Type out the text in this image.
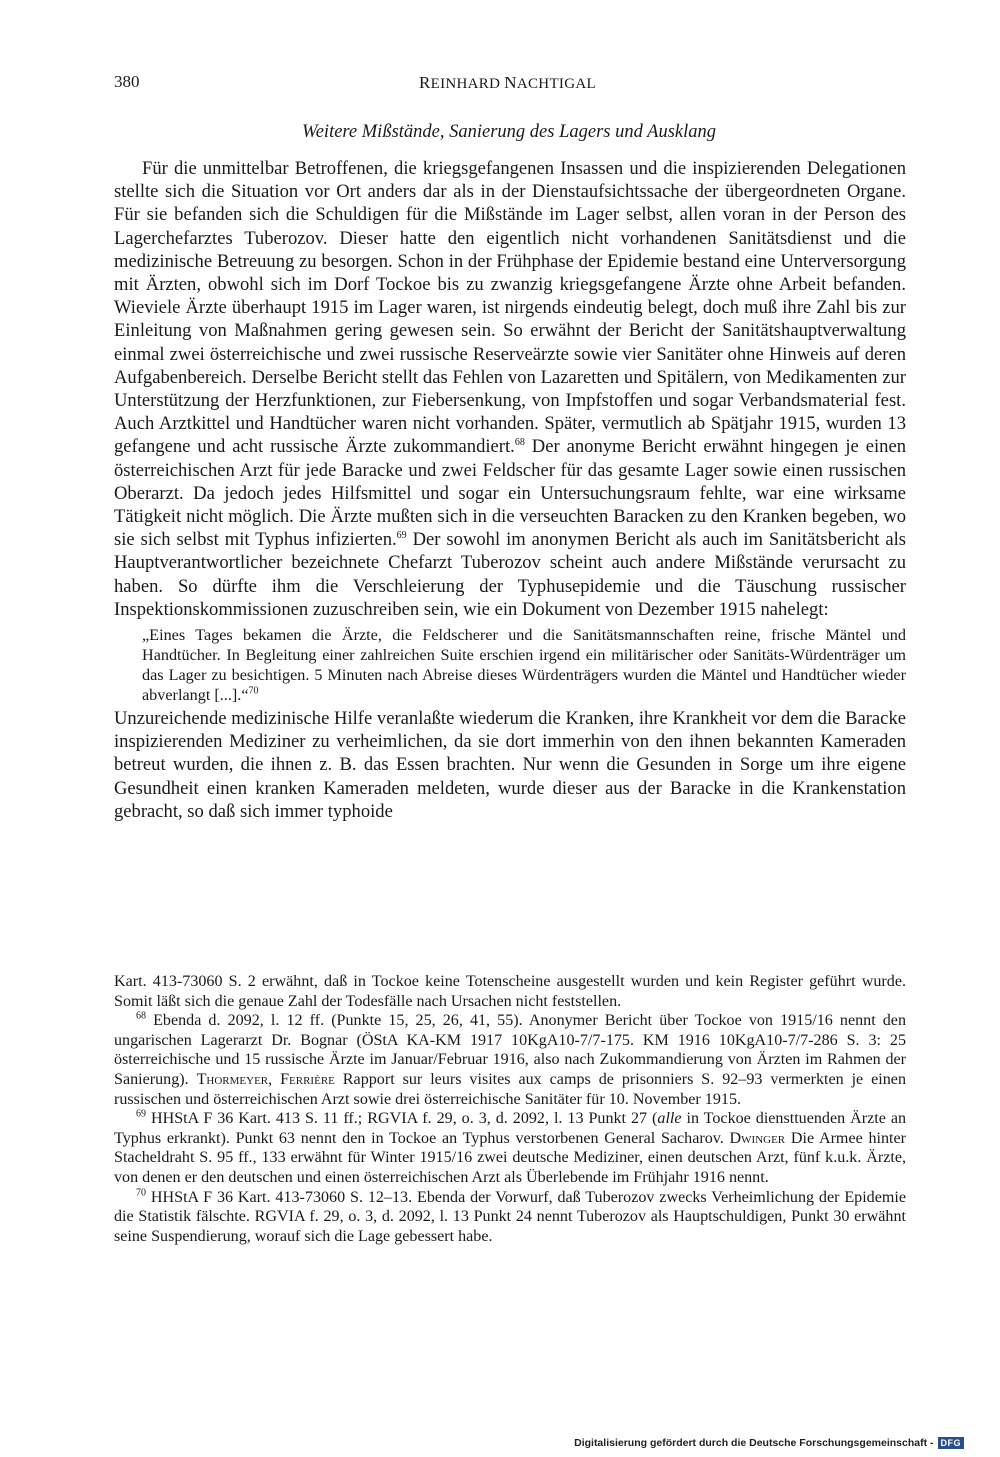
380	REINHARD NACHTIGAL
Weitere Mißstände, Sanierung des Lagers und Ausklang

Für die unmittelbar Betroffenen, die kriegsgefangenen Insassen und die inspizierenden Delegationen stellte sich die Situation vor Ort anders dar als in der Dienstaufsichtssache der übergeordneten Organe. Für sie befanden sich die Schuldigen für die Mißstände im Lager selbst, allen voran in der Person des Lagerchefarztes Tuberozov. Dieser hatte den eigentlich nicht vorhandenen Sanitätsdienst und die medizinische Betreuung zu besorgen. Schon in der Frühphase der Epidemie bestand eine Unterversorgung mit Ärzten, obwohl sich im Dorf Tockoe bis zu zwanzig kriegsgefangene Ärzte ohne Arbeit befanden. Wieviele Ärzte überhaupt 1915 im Lager waren, ist nirgends eindeutig belegt, doch muß ihre Zahl bis zur Einleitung von Maßnahmen gering gewesen sein. So erwähnt der Bericht der Sanitätshauptverwaltung einmal zwei österreichische und zwei russische Reserveärzte sowie vier Sanitäter ohne Hinweis auf deren Aufgabenbereich. Derselbe Bericht stellt das Fehlen von Lazaretten und Spitälern, von Medikamenten zur Unterstützung der Herzfunktionen, zur Fiebersenkung, von Impfstoffen und sogar Verbandsmaterial fest. Auch Arztkittel und Handtücher waren nicht vorhanden. Später, vermutlich ab Spätjahr 1915, wurden 13 gefangene und acht russische Ärzte zukommandiert.$^{68}$ Der anonyme Bericht erwähnt hingegen je einen österreichischen Arzt für jede Baracke und zwei Feldscher für das gesamte Lager sowie einen russischen Oberarzt. Da jedoch jedes Hilfsmittel und sogar ein Untersuchungsraum fehlte, war eine wirksame Tätigkeit nicht möglich. Die Ärzte mußten sich in die verseuchten Baracken zu den Kranken begeben, wo sie sich selbst mit Typhus infizierten.$^{69}$ Der sowohl im anonymen Bericht als auch im Sanitätsbericht als Hauptverantwortlicher bezeichnete Chefarzt Tuberozov scheint auch andere Mißstände verursacht zu haben. So dürfte ihm die Verschleierung der Typhusepidemie und die Täuschung russischer Inspektionskommissionen zuzuschreiben sein, wie ein Dokument von Dezember 1915 nahelegt:

„Eines Tages bekamen die Ärzte, die Feldscherer und die Sanitätsmannschaften reine, frische Mäntel und Handtücher. In Begleitung einer zahlreichen Suite erschien irgend ein militärischer oder Sanitäts-Würdenträger um das Lager zu besichtigen. 5 Minuten nach Abreise dieses Würdenträgers wurden die Mäntel und Handtücher wieder abverlangt [...].“$^{70}$

Unzureichende medizinische Hilfe veranlaßte wiederum die Kranken, ihre Krankheit vor dem die Baracke inspizierenden Mediziner zu verheimlichen, da sie dort immerhin von den ihnen bekannten Kameraden betreut wurden, die ihnen z. B. das Essen brachten. Nur wenn die Gesunden in Sorge um ihre eigene Gesundheit einen kranken Kameraden meldeten, wurde dieser aus der Baracke in die Krankenstation gebracht, so daß sich immer typhoide

Kart. 413-73060 S. 2 erwähnt, daß in Tockoe keine Totenscheine ausgestellt wurden und kein Register geführt wurde. Somit läßt sich die genaue Zahl der Todesfälle nach Ursachen nicht feststellen.

$^{68}$ Ebenda d. 2092, l. 12 ff. (Punkte 15, 25, 26, 41, 55). Anonymer Bericht über Tockoe von 1915/16 nennt den ungarischen Lagerarzt Dr. Bognar (ÖStA KA-KM 1917 10KgA10-7/7-175. KM 1916 10KgA10-7/7-286 S. 3: 25 österreichische und 15 russische Ärzte im Januar/Februar 1916, also nach Zukommandierung von Ärzten im Rahmen der Sanierung). Thormeyer, Ferrière Rapport sur leurs visites aux camps de prisonniers S. 92–93 vermerkten je einen russischen und österreichischen Arzt sowie drei österreichische Sanitäter für 10. November 1915.

$^{69}$ HHStA F 36 Kart. 413 S. 11 ff.; RGVIA f. 29, o. 3, d. 2092, l. 13 Punkt 27 (alle in Tockoe diensttuenden Ärzte an Typhus erkrankt). Punkt 63 nennt den in Tockoe an Typhus verstorbenen General Sacharov. Dwinger Die Armee hinter Stacheldraht S. 95 ff., 133 erwähnt für Winter 1915/16 zwei deutsche Mediziner, einen deutschen Arzt, fünf k.u.k. Ärzte, von denen er den deutschen und einen österreichischen Arzt als Überlebende im Frühjahr 1916 nennt.

$^{70}$ HHStA F 36 Kart. 413-73060 S. 12–13. Ebenda der Vorwurf, daß Tuberozov zwecks Verheimlichung der Epidemie die Statistik fälschte. RGVIA f. 29, o. 3, d. 2092, l. 13 Punkt 24 nennt Tuberozov als Hauptschuldigen, Punkt 30 erwähnt seine Suspendierung, worauf sich die Lage gebessert habe.

Digitalisierung gefördert durch die Deutsche Forschungsgemeinschaft - DFG
